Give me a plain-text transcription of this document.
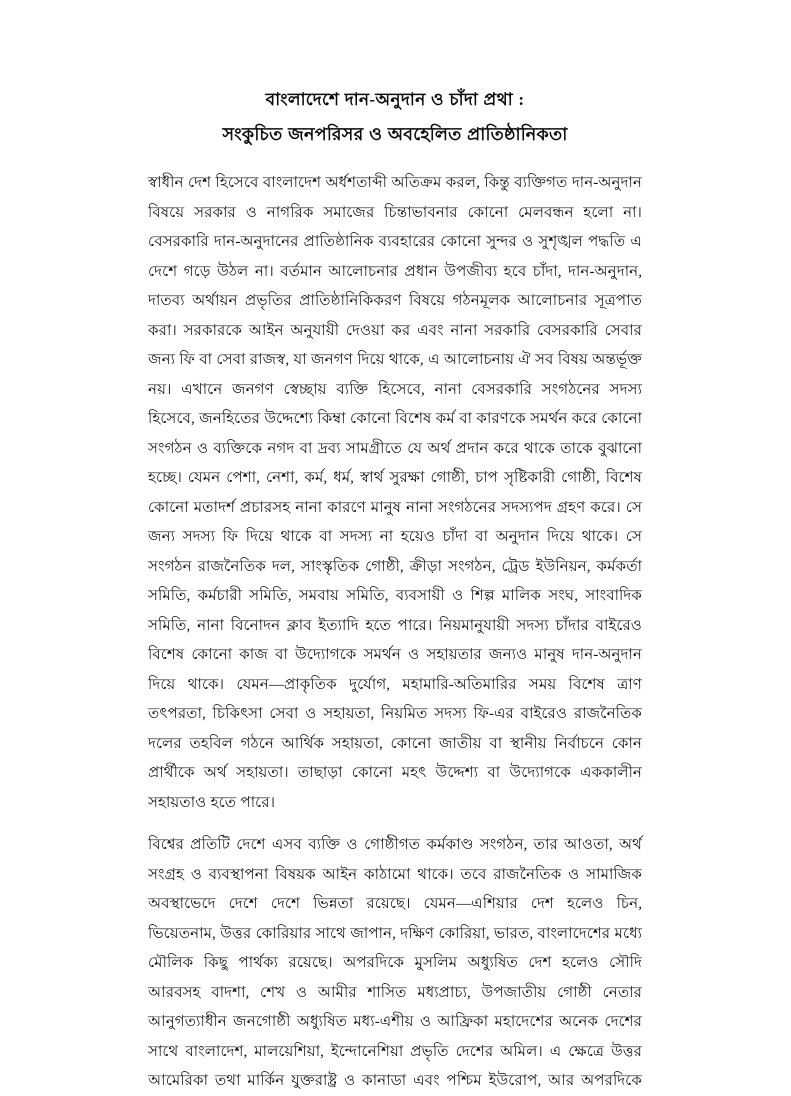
বাংলাদেশে দান-অনুদান ও চাঁদা প্রথা :
সংকুচিত জনপরিসর ও অবহেলিত প্রাতিষ্ঠানিকতা

স্বাধীন দেশ হিসেবে বাংলাদেশ অর্ধশতাব্দী অতিক্রম করল, কিন্তু ব্যক্তিগত দান-অনুদান বিষয়ে সরকার ও নাগরিক সমাজের চিন্তাভাবনার কোনো মেলবন্ধন হলো না। বেসরকারি দান-অনুদানের প্রাতিষ্ঠানিক ব্যবহারের কোনো সুন্দর ও সুশৃঙ্খল পদ্ধতি এ দেশে গড়ে উঠল না। বর্তমান আলোচনার প্রধান উপজীব্য হবে চাঁদা, দান-অনুদান, দাতব্য অর্থায়ন প্রভৃতির প্রাতিষ্ঠানিকিকরণ বিষয়ে গঠনমূলক আলোচনার সূত্রপাত করা। সরকারকে আইন অনুযায়ী দেওয়া কর এবং নানা সরকারি বেসরকারি সেবার জন্য ফি বা সেবা রাজস্ব, যা জনগণ দিয়ে থাকে, এ আলোচনায় ঐ সব বিষয় অন্তর্ভূক্ত নয়। এখানে জনগণ স্বেচ্ছায় ব্যক্তি হিসেবে, নানা বেসরকারি সংগঠনের সদস্য হিসেবে, জনহিতের উদ্দেশ্যে কিম্বা কোনো বিশেষ কর্ম বা কারণকে সমর্থন করে কোনো সংগঠন ও ব্যক্তিকে নগদ বা দ্রব্য সামগ্রীতে যে অর্থ প্রদান করে থাকে তাকে বুঝানো হচ্ছে। যেমন পেশা, নেশা, কর্ম, ধর্ম, স্বার্থ সুরক্ষা গোষ্ঠী, চাপ সৃষ্টিকারী গোষ্ঠী, বিশেষ কোনো মতাদর্শ প্রচারসহ নানা কারণে মানুষ নানা সংগঠনের সদস্যপদ গ্রহণ করে। সে জন্য সদস্য ফি দিয়ে থাকে বা সদস্য না হয়েও চাঁদা বা অনুদান দিয়ে থাকে। সে সংগঠন রাজনৈতিক দল, সাংস্কৃতিক গোষ্ঠী, ক্রীড়া সংগঠন, ট্রেড ইউনিয়ন, কর্মকর্তা সমিতি, কর্মচারী সমিতি, সমবায় সমিতি, ব্যবসায়ী ও শিল্প মালিক সংঘ, সাংবাদিক সমিতি, নানা বিনোদন ক্লাব ইত্যাদি হতে পারে। নিয়মানুযায়ী সদস্য চাঁদার বাইরেও বিশেষ কোনো কাজ বা উদ্যোগকে সমর্থন ও সহায়তার জন্যও মানুষ দান-অনুদান দিয়ে থাকে। যেমন—প্রাকৃতিক দুর্যোগ, মহামারি-অতিমারির সময় বিশেষ ত্রাণ তৎপরতা, চিকিৎসা সেবা ও সহায়তা, নিয়মিত সদস্য ফি-এর বাইরেও রাজনৈতিক দলের তহবিল গঠনে আর্থিক সহায়তা, কোনো জাতীয় বা স্থানীয় নির্বাচনে কোন প্রার্থীকে অর্থ সহায়তা। তাছাড়া কোনো মহৎ উদ্দেশ্য বা উদ্যোগকে এককালীন সহায়তাও হতে পারে।

বিশ্বের প্রতিটি দেশে এসব ব্যক্তি ও গোষ্ঠীগত কর্মকাণ্ড সংগঠন, তার আওতা, অর্থ সংগ্রহ ও ব্যবস্থাপনা বিষয়ক আইন কাঠামো থাকে। তবে রাজনৈতিক ও সামাজিক অবস্থাভেদে দেশে দেশে ভিন্নতা রয়েছে। যেমন—এশিয়ার দেশ হলেও চিন, ভিয়েতনাম, উত্তর কোরিয়ার সাথে জাপান, দক্ষিণ কোরিয়া, ভারত, বাংলাদেশের মধ্যে মৌলিক কিছু পার্থক্য রয়েছে। অপরদিকে মুসলিম অধ্যুষিত দেশ হলেও সৌদি আরবসহ বাদশা, শেখ ও আমীর শাসিত মধ্যপ্রাচ্য, উপজাতীয় গোষ্ঠী নেতার আনুগত্যাধীন জনগোষ্ঠী অধ্যুষিত মধ্য-এশীয় ও আফ্রিকা মহাদেশের অনেক দেশের সাথে বাংলাদেশ, মালয়েশিয়া, ইন্দোনেশিয়া প্রভৃতি দেশের অমিল। এ ক্ষেত্রে উত্তর আমেরিকা তথা মার্কিন যুক্তরাষ্ট্র ও কানাডা এবং পশ্চিম ইউরোপ, আর অপরদিকে
